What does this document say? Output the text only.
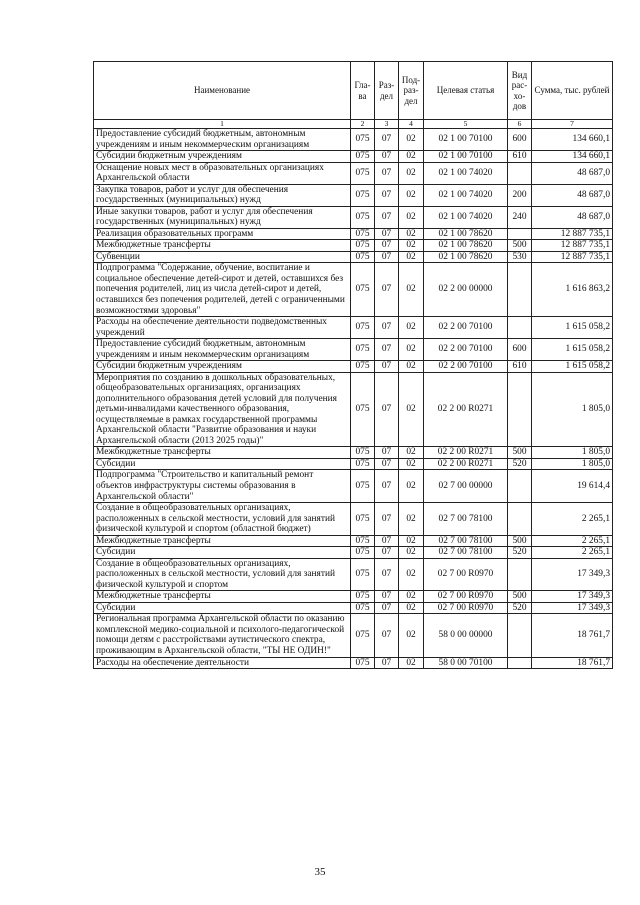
Наименование	Гла-ва	Раз-дел	Под-раз-дел	Целевая статья	Вид рас-хо-дов	Сумма, тыс. рублей
1	2	3	4	5	6	7
Предоставление субсидий бюджетным, автономным учреждениям и иным некоммерческим организациям	075	07	02	02 1 00 70100	600	134 660,1
Субсидии бюджетным учреждениям	075	07	02	02 1 00 70100	610	134 660,1
Оснащение новых мест в образовательных организациях Архангельской области	075	07	02	02 1 00 74020		48 687,0
Закупка товаров, работ и услуг для обеспечения государственных (муниципальных) нужд	075	07	02	02 1 00 74020	200	48 687,0
Иные закупки товаров, работ и услуг для обеспечения государственных (муниципальных) нужд	075	07	02	02 1 00 74020	240	48 687,0
Реализация образовательных программ	075	07	02	02 1 00 78620		12 887 735,1
Межбюджетные трансферты	075	07	02	02 1 00 78620	500	12 887 735,1
Субвенции	075	07	02	02 1 00 78620	530	12 887 735,1
Подпрограмма "Содержание, обучение, воспитание и социальное обеспечение детей-сирот и детей, оставшихся без попечения родителей, лиц из числа детей-сирот и детей, оставшихся без попечения родителей, детей с ограниченными возможностями здоровья"	075	07	02	02 2 00 00000		1 616 863,2
Расходы на обеспечение деятельности подведомственных учреждений	075	07	02	02 2 00 70100		1 615 058,2
Предоставление субсидий бюджетным, автономным учреждениям и иным некоммерческим организациям	075	07	02	02 2 00 70100	600	1 615 058,2
Субсидии бюджетным учреждениям	075	07	02	02 2 00 70100	610	1 615 058,2
Мероприятия по созданию в дошкольных образовательных, общеобразовательных организациях, организациях дополнительного образования детей условий для получения детьми-инвалидами качественного образования, осуществляемые в рамках государственной программы Архангельской области "Развитие образования и науки Архангельской области (2013 2025 годы)"	075	07	02	02 2 00 R0271		1 805,0
Межбюджетные трансферты	075	07	02	02 2 00 R0271	500	1 805,0
Субсидии	075	07	02	02 2 00 R0271	520	1 805,0
Подпрограмма "Строительство и капитальный ремонт объектов инфраструктуры системы образования в Архангельской области"	075	07	02	02 7 00 00000		19 614,4
Создание в общеобразовательных организациях, расположенных в сельской местности, условий для занятий физической культурой и спортом (областной бюджет)	075	07	02	02 7 00 78100		2 265,1
Межбюджетные трансферты	075	07	02	02 7 00 78100	500	2 265,1
Субсидии	075	07	02	02 7 00 78100	520	2 265,1
Создание в общеобразовательных организациях, расположенных в сельской местности, условий для занятий физической культурой и спортом	075	07	02	02 7 00 R0970		17 349,3
Межбюджетные трансферты	075	07	02	02 7 00 R0970	500	17 349,3
Субсидии	075	07	02	02 7 00 R0970	520	17 349,3
Региональная программа Архангельской области по оказанию комплексной медико-социальной и психолого-педагогической помощи детям с расстройствами аутистического спектра, проживающим в Архангельской области, "ТЫ НЕ ОДИН!"	075	07	02	58 0 00 00000		18 761,7
Расходы на обеспечение деятельности	075	07	02	58 0 00 70100		18 761,7
35
